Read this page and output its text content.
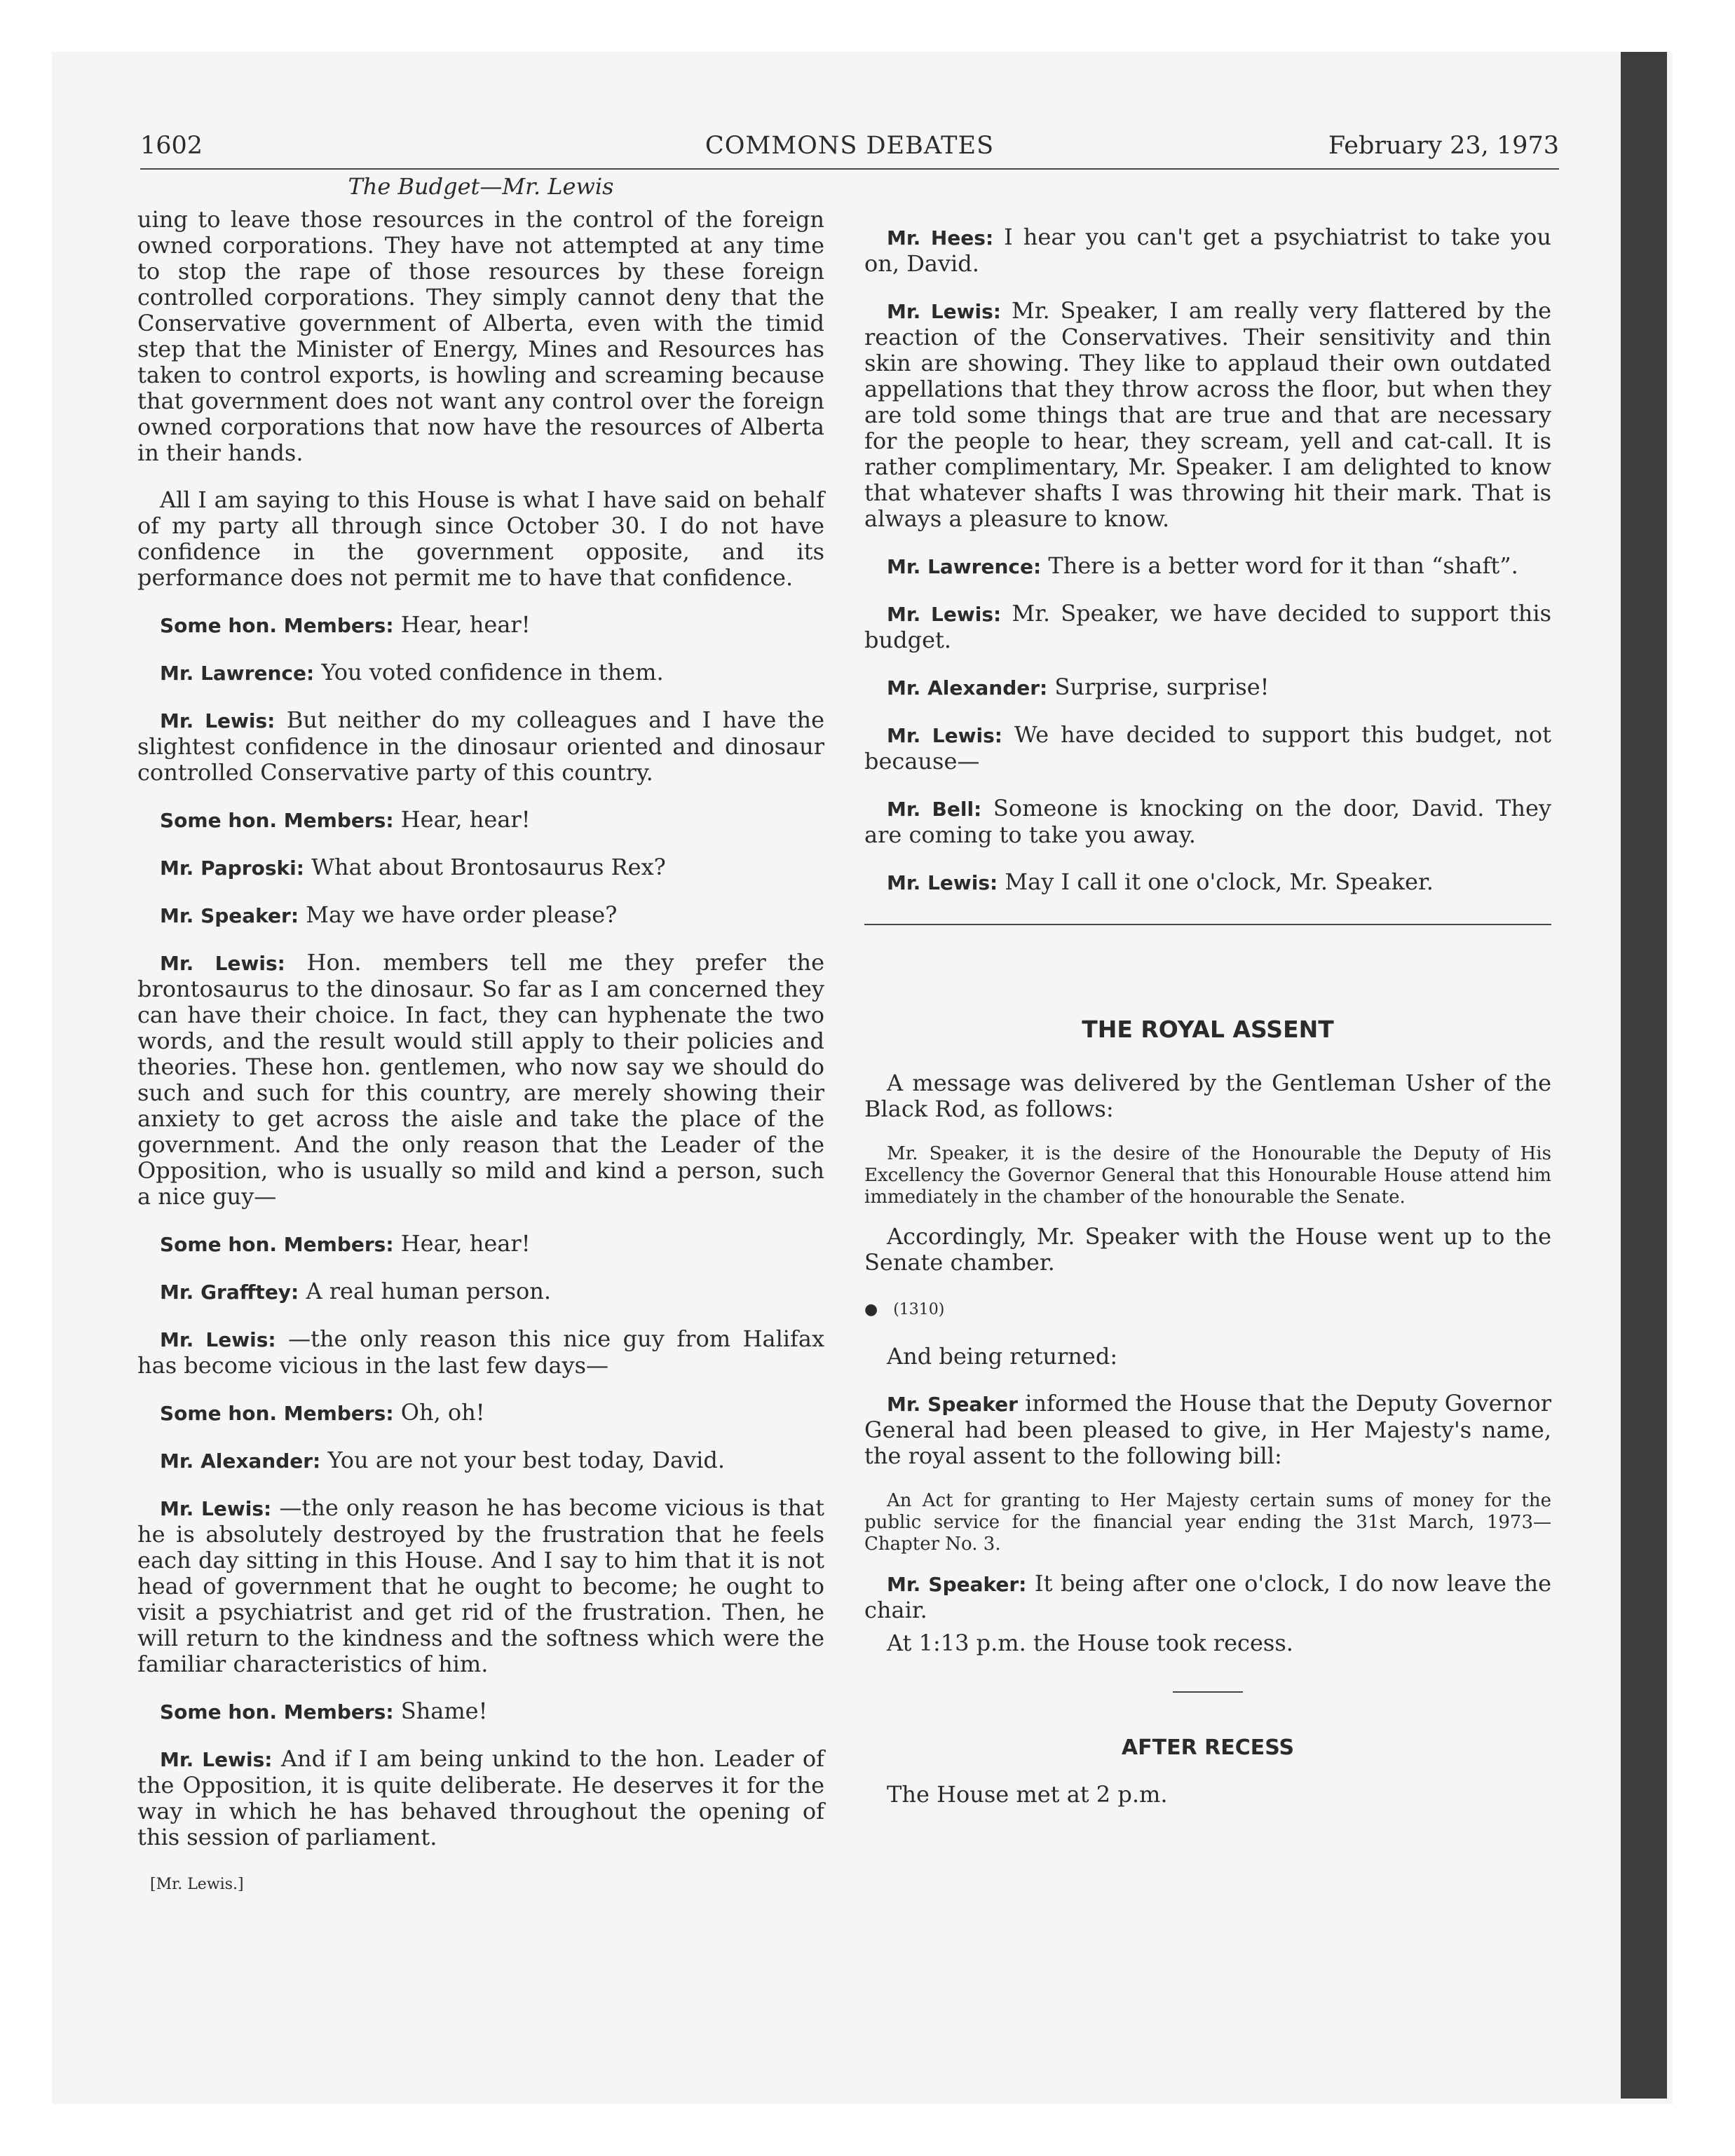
1602	COMMONS DEBATES	February 23, 1973
The Budget—Mr. Lewis

uing to leave those resources in the control of the foreign owned corporations. They have not attempted at any time to stop the rape of those resources by these foreign controlled corporations. They simply cannot deny that the Conservative government of Alberta, even with the timid step that the Minister of Energy, Mines and Resources has taken to control exports, is howling and screaming because that government does not want any control over the foreign owned corporations that now have the resources of Alberta in their hands.

All I am saying to this House is what I have said on behalf of my party all through since October 30. I do not have confidence in the government opposite, and its performance does not permit me to have that confidence.

Some hon. Members: Hear, hear!

Mr. Lawrence: You voted confidence in them.

Mr. Lewis: But neither do my colleagues and I have the slightest confidence in the dinosaur oriented and dinosaur controlled Conservative party of this country.

Some hon. Members: Hear, hear!

Mr. Paproski: What about Brontosaurus Rex?

Mr. Speaker: May we have order please?

Mr. Lewis: Hon. members tell me they prefer the brontosaurus to the dinosaur. So far as I am concerned they can have their choice. In fact, they can hyphenate the two words, and the result would still apply to their policies and theories. These hon. gentlemen, who now say we should do such and such for this country, are merely showing their anxiety to get across the aisle and take the place of the government. And the only reason that the Leader of the Opposition, who is usually so mild and kind a person, such a nice guy—

Some hon. Members: Hear, hear!

Mr. Grafftey: A real human person.

Mr. Lewis: —the only reason this nice guy from Halifax has become vicious in the last few days—

Some hon. Members: Oh, oh!

Mr. Alexander: You are not your best today, David.

Mr. Lewis: —the only reason he has become vicious is that he is absolutely destroyed by the frustration that he feels each day sitting in this House. And I say to him that it is not head of government that he ought to become; he ought to visit a psychiatrist and get rid of the frustration. Then, he will return to the kindness and the softness which were the familiar characteristics of him.

Some hon. Members: Shame!

Mr. Lewis: And if I am being unkind to the hon. Leader of the Opposition, it is quite deliberate. He deserves it for the way in which he has behaved throughout the opening of this session of parliament.

[Mr. Lewis.]

Mr. Hees: I hear you can't get a psychiatrist to take you on, David.

Mr. Lewis: Mr. Speaker, I am really very flattered by the reaction of the Conservatives. Their sensitivity and thin skin are showing. They like to applaud their own outdated appellations that they throw across the floor, but when they are told some things that are true and that are necessary for the people to hear, they scream, yell and cat-call. It is rather complimentary, Mr. Speaker. I am delighted to know that whatever shafts I was throwing hit their mark. That is always a pleasure to know.

Mr. Lawrence: There is a better word for it than “shaft”.

Mr. Lewis: Mr. Speaker, we have decided to support this budget.

Mr. Alexander: Surprise, surprise!

Mr. Lewis: We have decided to support this budget, not because—

Mr. Bell: Someone is knocking on the door, David. They are coming to take you away.

Mr. Lewis: May I call it one o'clock, Mr. Speaker.

THE ROYAL ASSENT

A message was delivered by the Gentleman Usher of the Black Rod, as follows:

Mr. Speaker, it is the desire of the Honourable the Deputy of His Excellency the Governor General that this Honourable House attend him immediately in the chamber of the honourable the Senate.

Accordingly, Mr. Speaker with the House went up to the Senate chamber.

● (1310)

And being returned:

Mr. Speaker informed the House that the Deputy Governor General had been pleased to give, in Her Majesty's name, the royal assent to the following bill:

An Act for granting to Her Majesty certain sums of money for the public service for the financial year ending the 31st March, 1973—Chapter No. 3.

Mr. Speaker: It being after one o'clock, I do now leave the chair.

At 1:13 p.m. the House took recess.

AFTER RECESS

The House met at 2 p.m.
